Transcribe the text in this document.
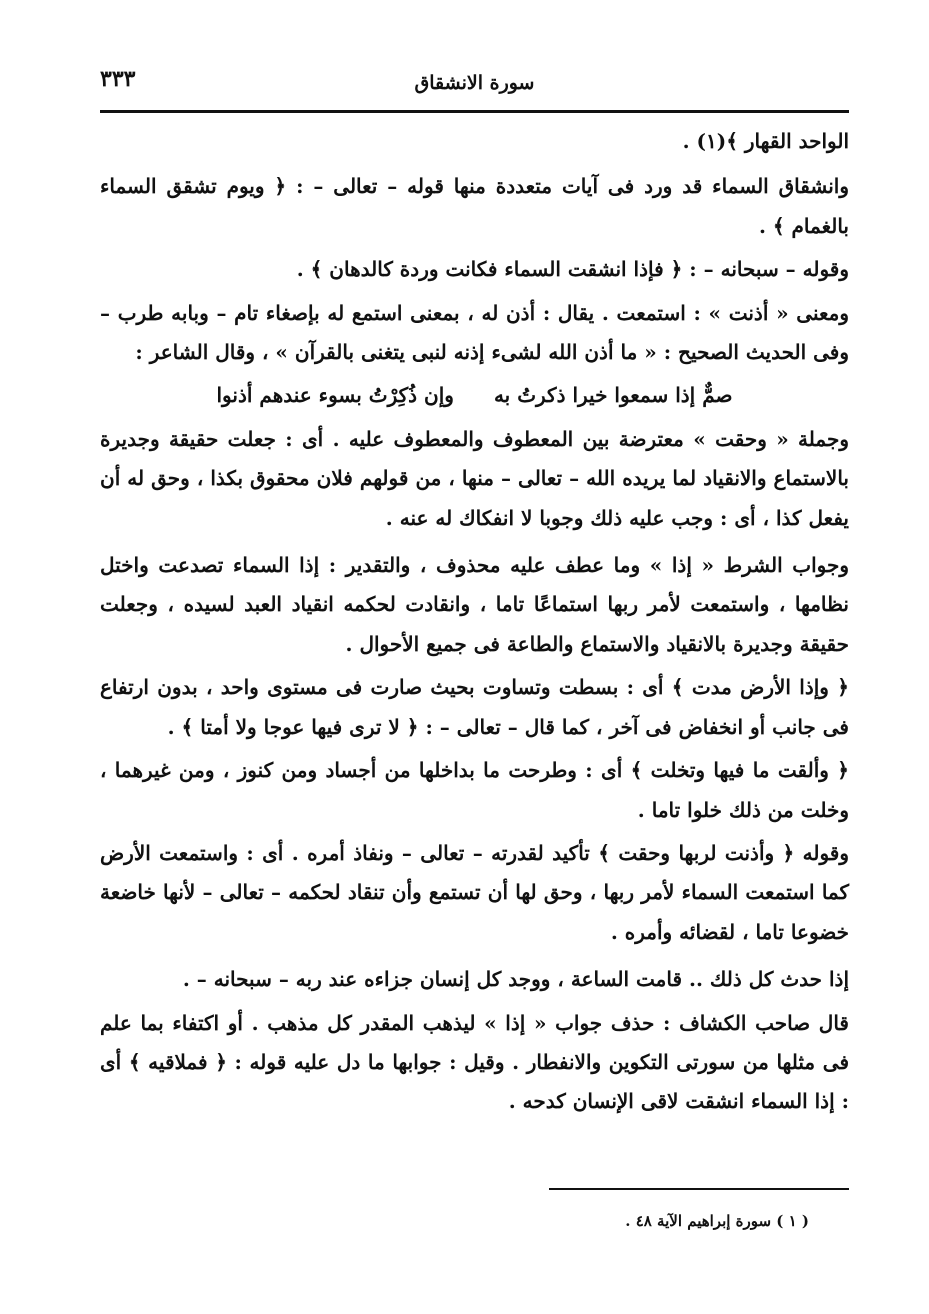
سورة الانشقاق
٣٣٣

الواحد القهار ﴾(١) .

وانشقاق السماء قد ورد فى آيات متعددة منها قوله – تعالى – : ﴿ ويوم تشقق السماء بالغمام ﴾ .

وقوله – سبحانه – : ﴿ فإذا انشقت السماء فكانت وردة كالدهان ﴾ .

ومعنى « أذنت » : استمعت . يقال : أذن له ، بمعنى استمع له بإصغاء تام – وبابه طرب – وفى الحديث الصحيح : « ما أذن الله لشىء إذنه لنبى يتغنى بالقرآن » ، وقال الشاعر :

صمٌّ إذا سمعوا خيرا ذكرتُ به
وإن ذُكِرْتُ بسوء عندهم أذنوا

وجملة « وحقت » معترضة بين المعطوف والمعطوف عليه . أى : جعلت حقيقة وجديرة بالاستماع والانقياد لما يريده الله – تعالى – منها ، من قولهم فلان محقوق بكذا ، وحق له أن يفعل كذا ، أى : وجب عليه ذلك وجوبا لا انفكاك له عنه .

وجواب الشرط « إذا » وما عطف عليه محذوف ، والتقدير : إذا السماء تصدعت واختل نظامها ، واستمعت لأمر ربها استماعًا تاما ، وانقادت لحكمه انقياد العبد لسيده ، وجعلت حقيقة وجديرة بالانقياد والاستماع والطاعة فى جميع الأحوال .

﴿ وإذا الأرض مدت ﴾ أى : بسطت وتساوت بحيث صارت فى مستوى واحد ، بدون ارتفاع فى جانب أو انخفاض فى آخر ، كما قال – تعالى – : ﴿ لا ترى فيها عوجا ولا أمتا ﴾ .

﴿ وألقت ما فيها وتخلت ﴾ أى : وطرحت ما بداخلها من أجساد ومن كنوز ، ومن غيرهما ، وخلت من ذلك خلوا تاما .

وقوله ﴿ وأذنت لربها وحقت ﴾ تأكيد لقدرته – تعالى – ونفاذ أمره . أى : واستمعت الأرض كما استمعت السماء لأمر ربها ، وحق لها أن تستمع وأن تنقاد لحكمه – تعالى – لأنها خاضعة خضوعا تاما ، لقضائه وأمره .

إذا حدث كل ذلك .. قامت الساعة ، ووجد كل إنسان جزاءه عند ربه – سبحانه – .

قال صاحب الكشاف : حذف جواب « إذا » ليذهب المقدر كل مذهب . أو اكتفاء بما علم فى مثلها من سورتى التكوين والانفطار . وقيل : جوابها ما دل عليه قوله : ﴿ فملاقيه ﴾ أى : إذا السماء انشقت لاقى الإنسان كدحه .

( ١ ) سورة إبراهيم الآية ٤٨ .
